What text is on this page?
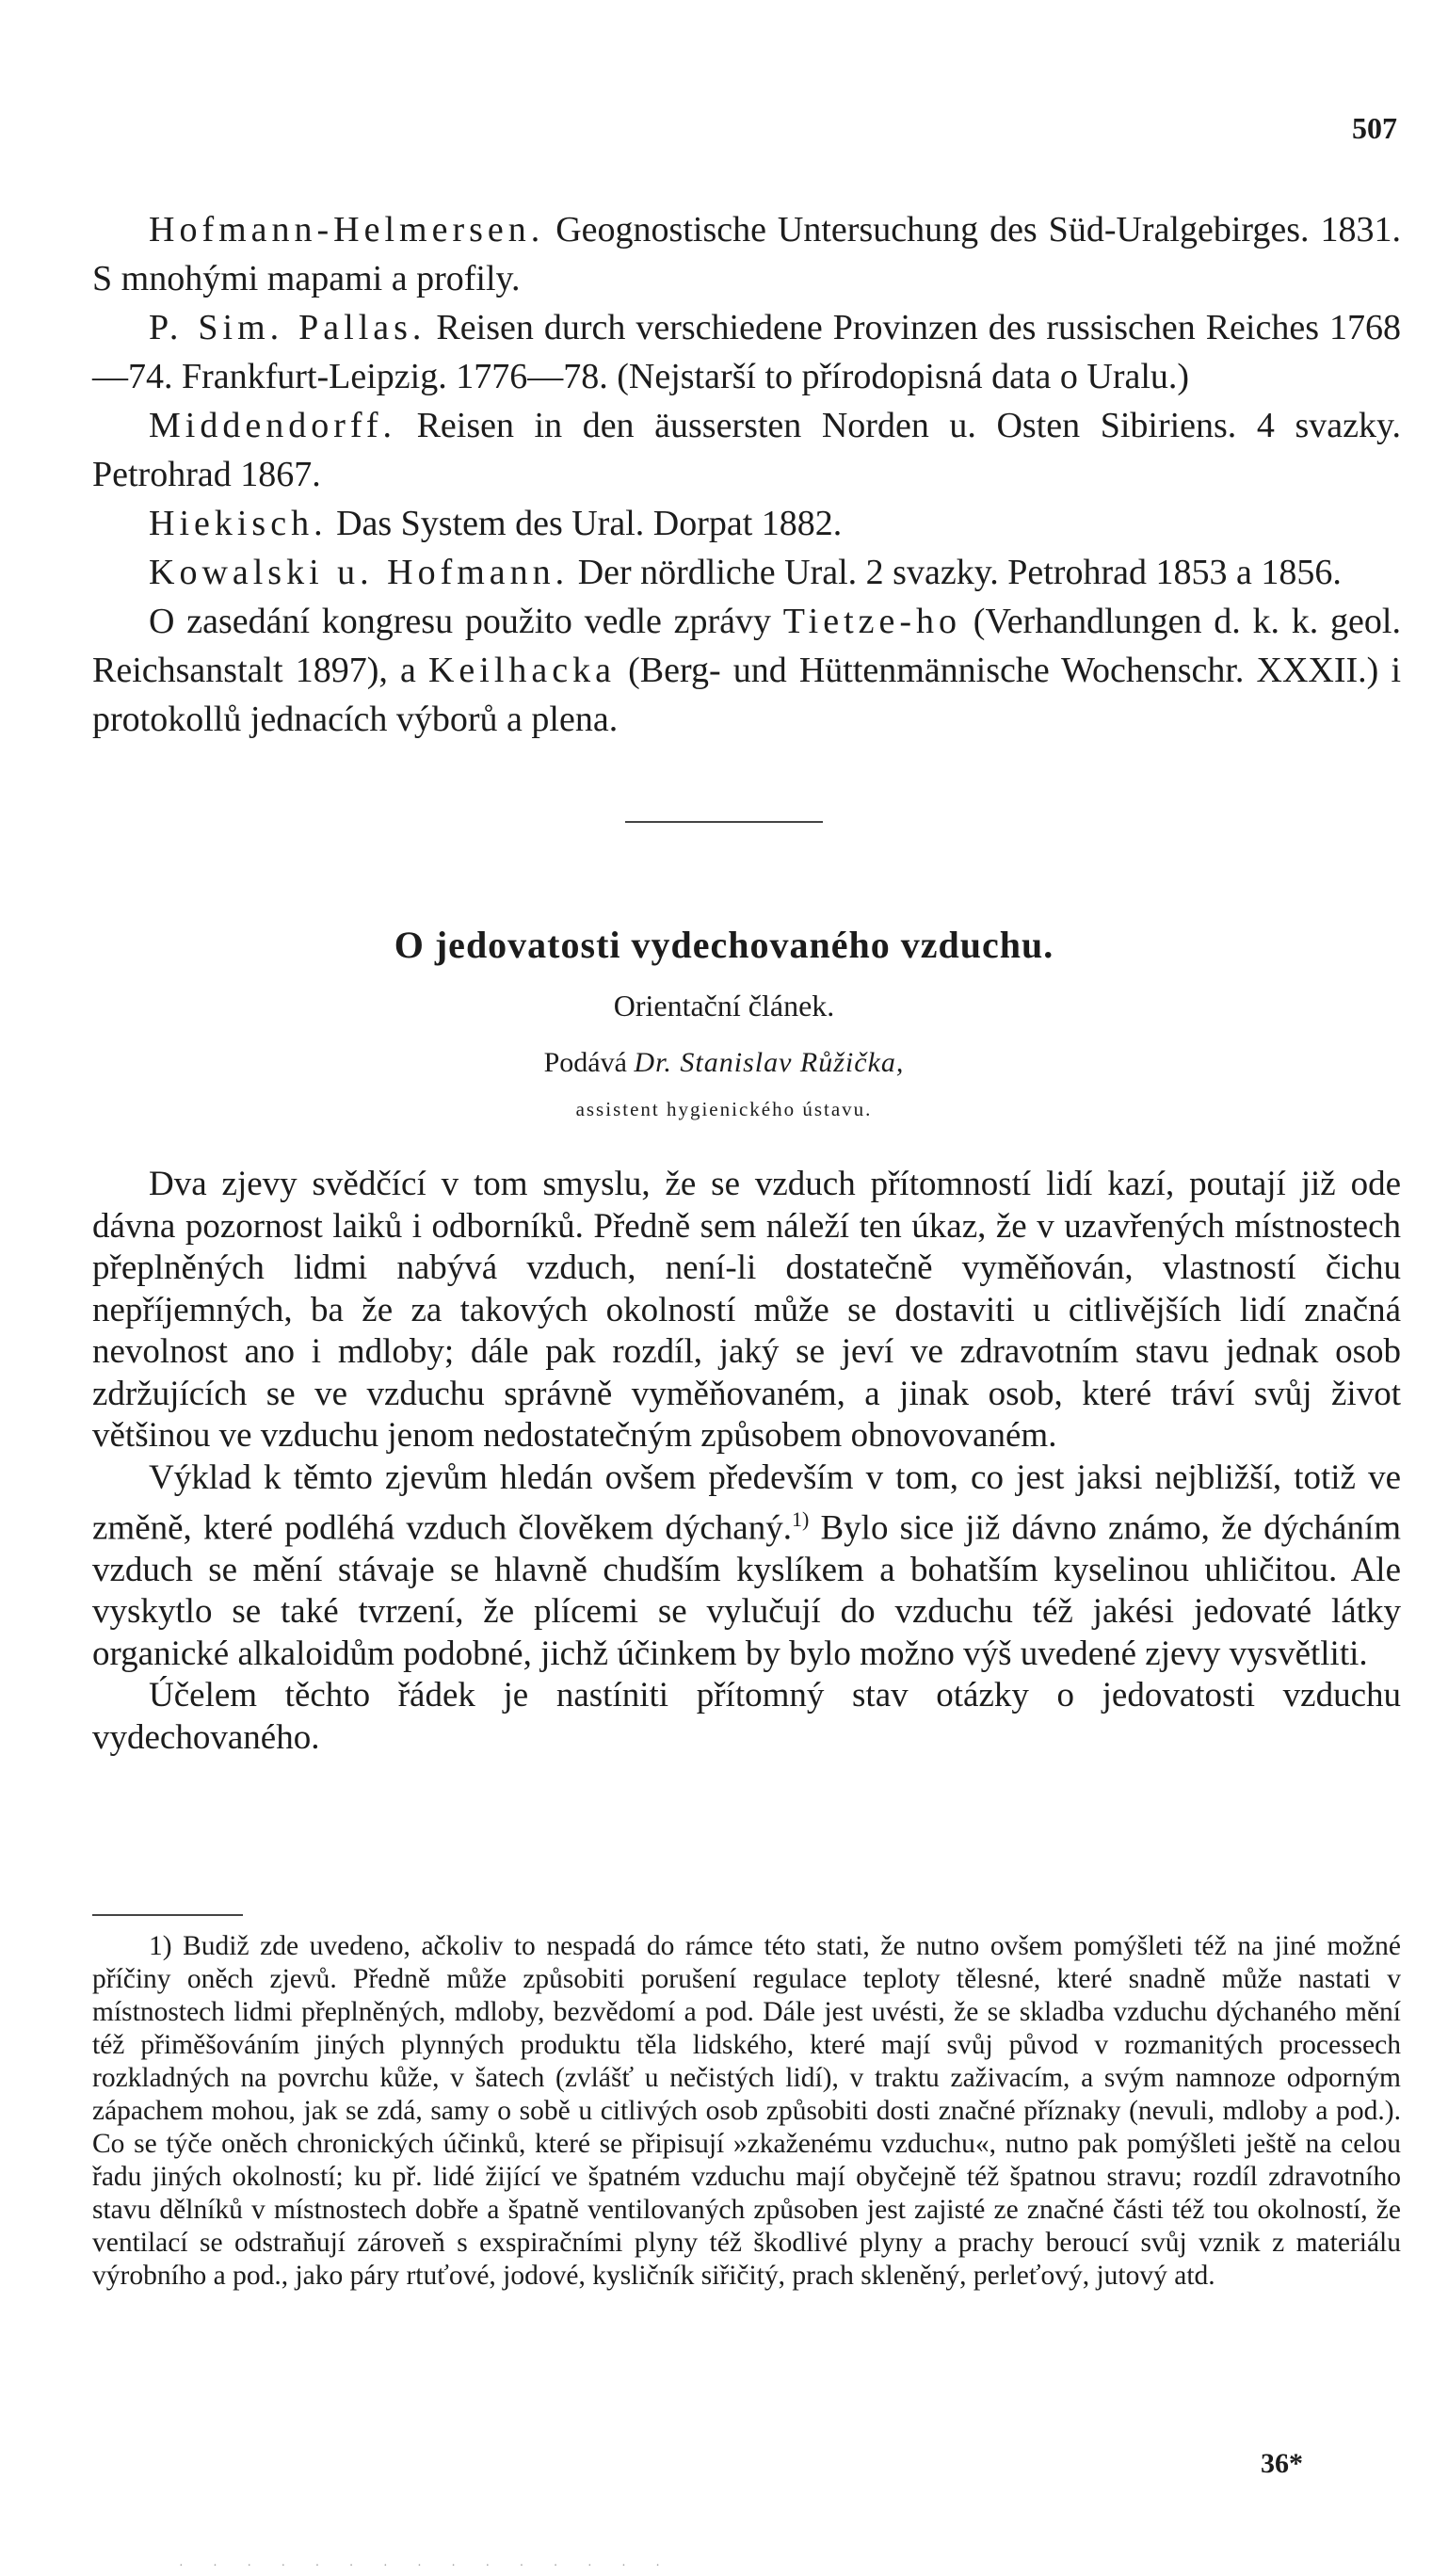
507

Hofmann-Helmersen. Geognostische Untersuchung des Süd-Uralgebirges. 1831. S mnohými mapami a profily.

P. Sim. Pallas. Reisen durch verschiedene Provinzen des russischen Reiches 1768—74. Frankfurt-Leipzig. 1776—78. (Nejstarší to přírodopisná data o Uralu.)

Middendorff. Reisen in den äussersten Norden u. Osten Sibiriens. 4 svazky. Petrohrad 1867.

Hiekisch. Das System des Ural. Dorpat 1882.

Kowalski u. Hofmann. Der nördliche Ural. 2 svazky. Petrohrad 1853 a 1856.

O zasedání kongresu použito vedle zprávy Tietze-ho (Verhandlungen d. k. k. geol. Reichsanstalt 1897), a Keilhacka (Berg- und Hüttenmännische Wochenschr. XXXII.) i protokollů jednacích výborů a plena.

O jedovatosti vydechovaného vzduchu.

Orientační článek.

Podává Dr. Stanislav Růžička,

assistent hygienického ústavu.

Dva zjevy svědčící v tom smyslu, že se vzduch přítomností lidí kazí, poutají již ode dávna pozornost laiků i odborníků. Předně sem náleží ten úkaz, že v uzavřených místnostech přeplněných lidmi nabývá vzduch, není-li dostatečně vyměňován, vlastností čichu nepříjemných, ba že za takových okolností může se dostaviti u citlivějších lidí značná nevolnost ano i mdloby; dále pak rozdíl, jaký se jeví ve zdravotním stavu jednak osob zdržujících se ve vzduchu správně vyměňovaném, a jinak osob, které tráví svůj život většinou ve vzduchu jenom nedostatečným způsobem obnovovaném.

Výklad k těmto zjevům hledán ovšem především v tom, co jest jaksi nejbližší, totiž ve změně, které podléhá vzduch člověkem dýchaný.$^{1)}$ Bylo sice již dávno známo, že dýcháním vzduch se mění stávaje se hlavně chudším kyslíkem a bohatším kyselinou uhličitou. Ale vyskytlo se také tvrzení, že plícemi se vylučují do vzduchu též jakési jedovaté látky organické alkaloidům podobné, jichž účinkem by bylo možno výš uvedené zjevy vysvětliti.

Účelem těchto řádek je nastíniti přítomný stav otázky o jedovatosti vzduchu vydechovaného.

1) Budiž zde uvedeno, ačkoliv to nespadá do rámce této stati, že nutno ovšem pomýšleti též na jiné možné příčiny oněch zjevů. Předně může způsobiti porušení regulace teploty tělesné, které snadně může nastati v místnostech lidmi přeplněných, mdloby, bezvědomí a pod. Dále jest uvésti, že se skladba vzduchu dýchaného mění též přiměšováním jiných plynných produktu těla lidského, které mají svůj původ v rozmanitých processech rozkladných na povrchu kůže, v šatech (zvlášť u nečistých lidí), v traktu zaživacím, a svým namnoze odporným zápachem mohou, jak se zdá, samy o sobě u citlivých osob způsobiti dosti značné příznaky (nevuli, mdloby a pod.). Co se týče oněch chronických účinků, které se připisují »zkaženému vzduchu«, nutno pak pomýšleti ještě na celou řadu jiných okolností; ku př. lidé žijící ve špatném vzduchu mají obyčejně též špatnou stravu; rozdíl zdravotního stavu dělníků v místnostech dobře a špatně ventilovaných způsoben jest zajisté ze značné části též tou okolností, že ventilací se odstraňují zároveň s exspiračními plyny též škodlivé plyny a prachy beroucí svůj vznik z materiálu výrobního a pod., jako páry rtuťové, jodové, kysličník siřičitý, prach skleněný, perleťový, jutový atd.

36*
· · · · · · · · · · · · · · ·
